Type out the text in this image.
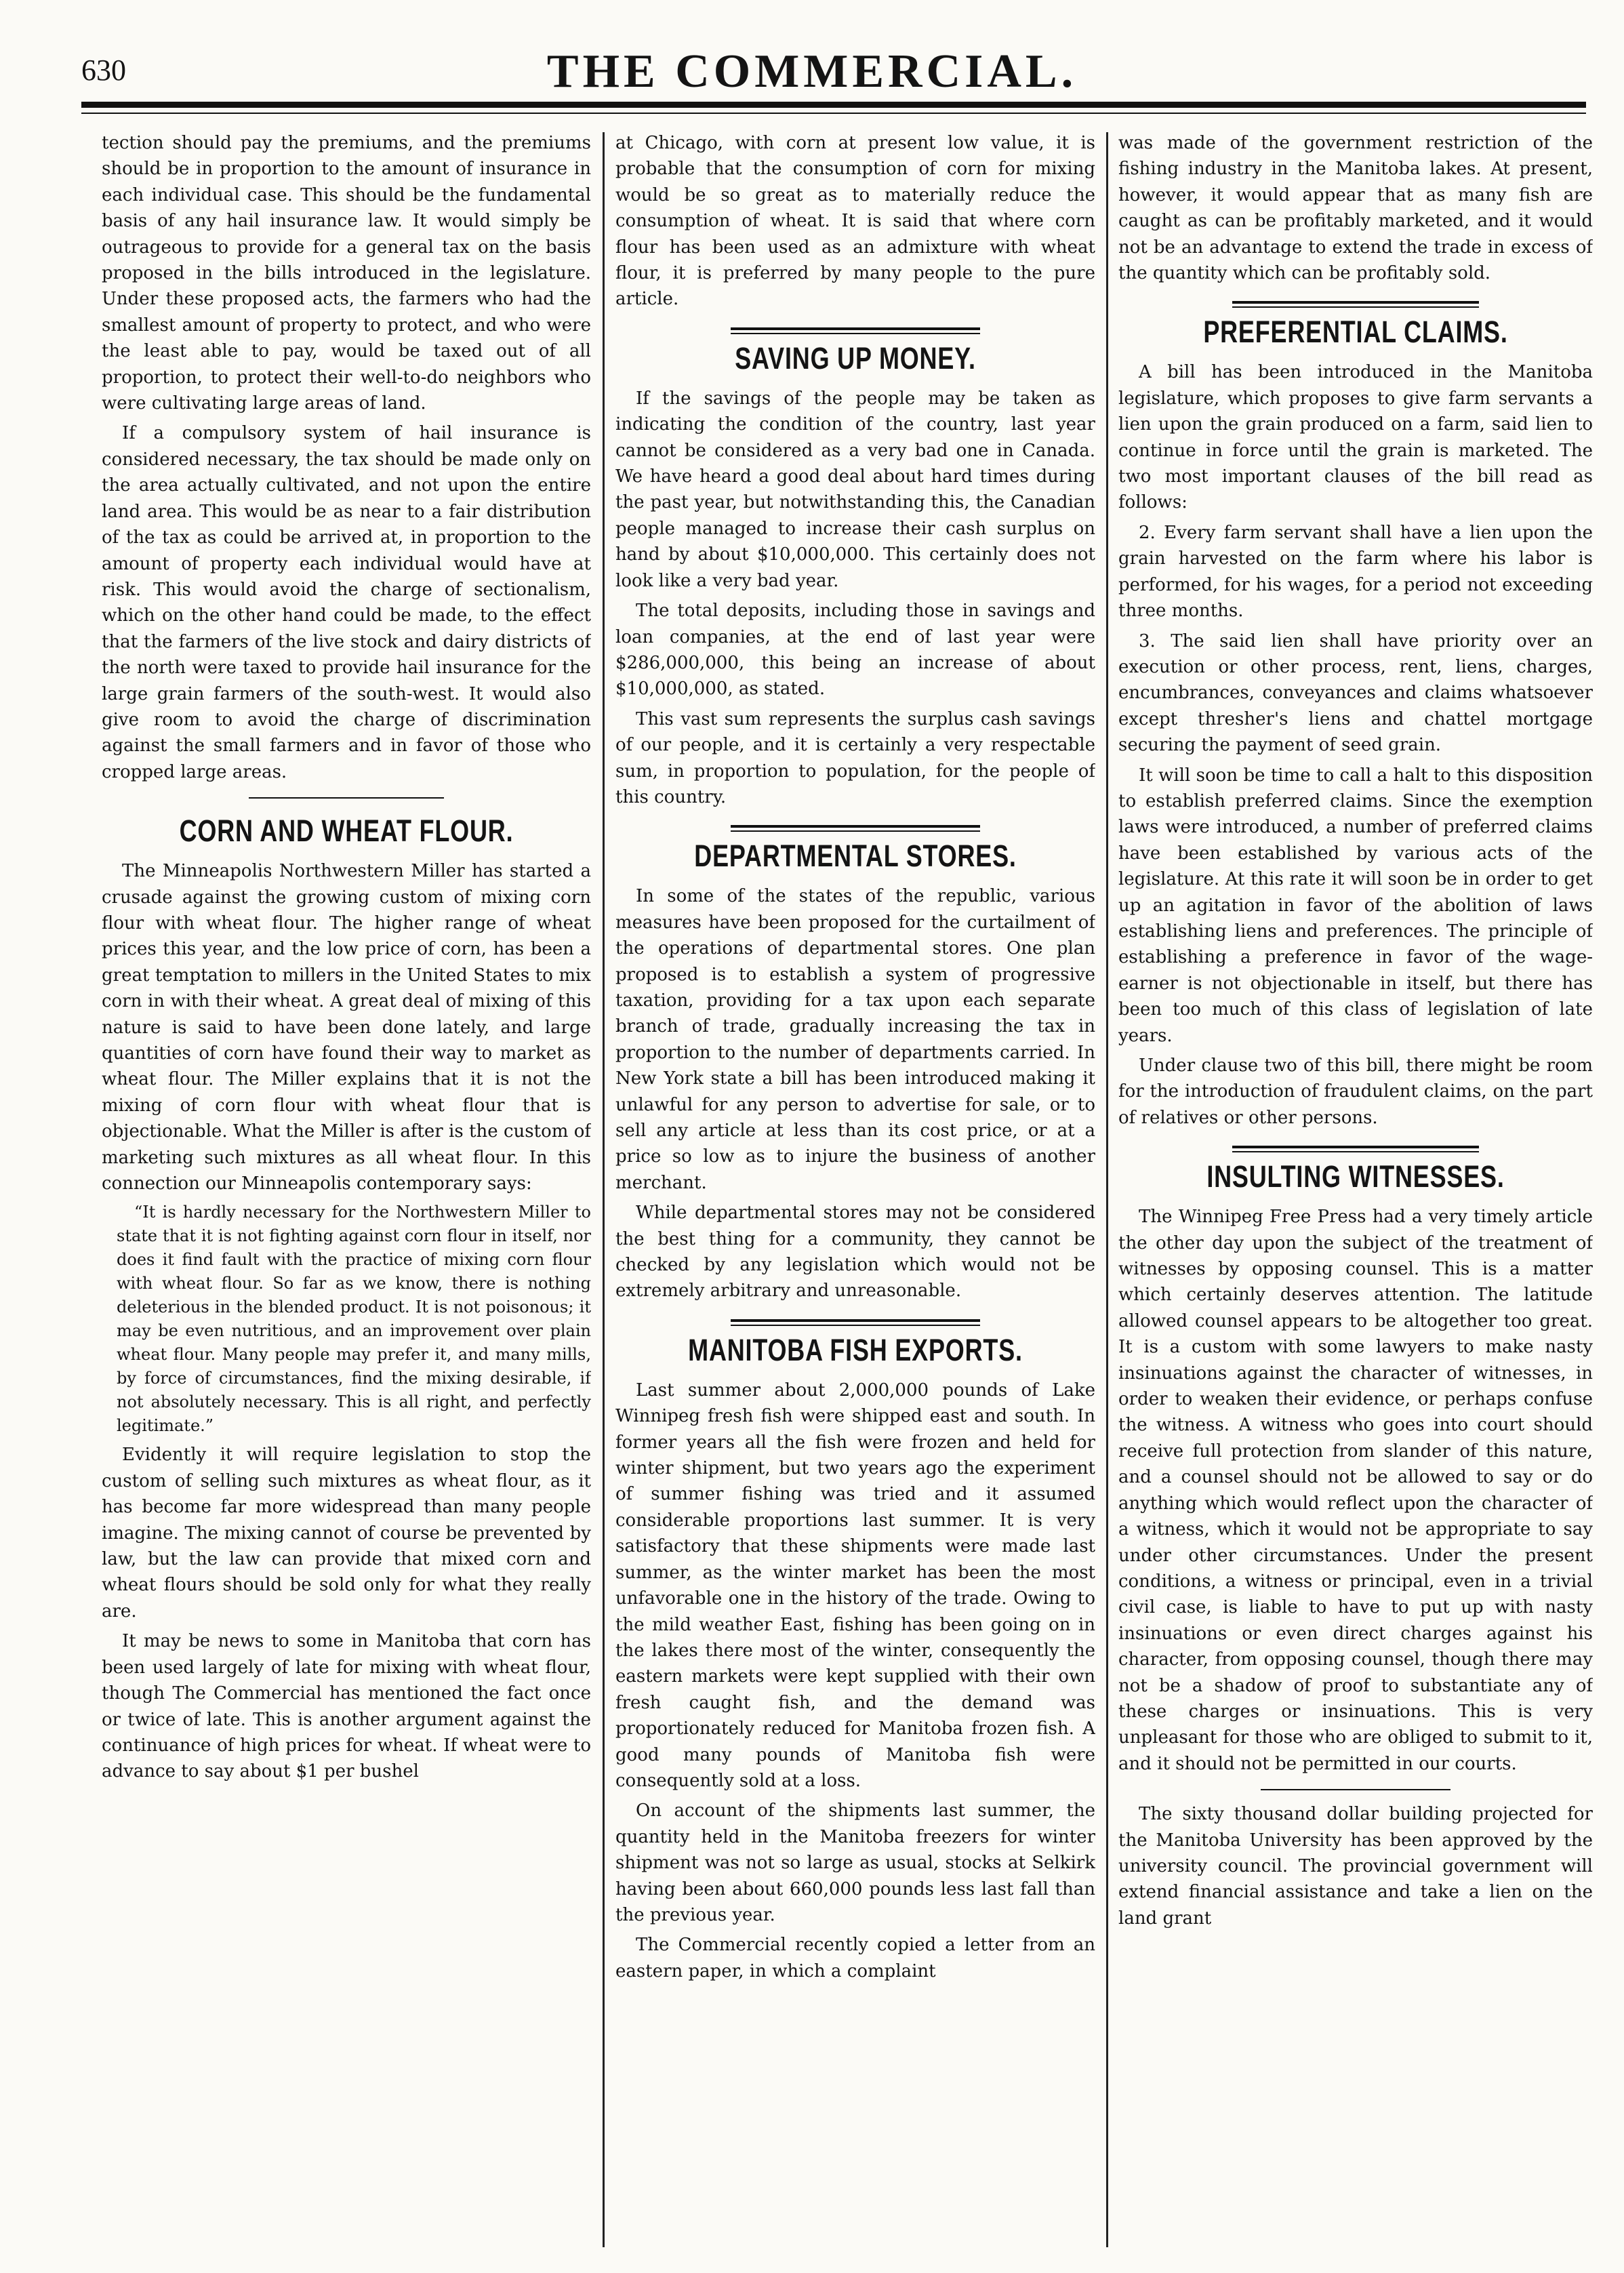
630	THE COMMERCIAL.

tection should pay the premiums, and the premiums should be in proportion to the amount of insurance in each individual case. This should be the fundamental basis of any hail insurance law. It would simply be outrageous to provide for a general tax on the basis proposed in the bills introduced in the legislature. Under these proposed acts, the farmers who had the smallest amount of property to protect, and who were the least able to pay, would be taxed out of all proportion, to protect their well-to-do neighbors who were cultivating large areas of land.

If a compulsory system of hail insurance is considered necessary, the tax should be made only on the area actually cultivated, and not upon the entire land area. This would be as near to a fair distribution of the tax as could be arrived at, in proportion to the amount of property each individual would have at risk. This would avoid the charge of sectionalism, which on the other hand could be made, to the effect that the farmers of the live stock and dairy districts of the north were taxed to provide hail insurance for the large grain farmers of the south-west. It would also give room to avoid the charge of discrimination against the small farmers and in favor of those who cropped large areas.

CORN AND WHEAT FLOUR.

The Minneapolis Northwestern Miller has started a crusade against the growing custom of mixing corn flour with wheat flour. The higher range of wheat prices this year, and the low price of corn, has been a great temptation to millers in the United States to mix corn in with their wheat. A great deal of mixing of this nature is said to have been done lately, and large quantities of corn have found their way to market as wheat flour. The Miller explains that it is not the mixing of corn flour with wheat flour that is objectionable. What the Miller is after is the custom of marketing such mixtures as all wheat flour. In this connection our Minneapolis contemporary says:

“It is hardly necessary for the Northwestern Miller to state that it is not fighting against corn flour in itself, nor does it find fault with the practice of mixing corn flour with wheat flour. So far as we know, there is nothing deleterious in the blended product. It is not poisonous; it may be even nutritious, and an improvement over plain wheat flour. Many people may prefer it, and many mills, by force of circumstances, find the mixing desirable, if not absolutely necessary. This is all right, and perfectly legitimate.”

Evidently it will require legislation to stop the custom of selling such mixtures as wheat flour, as it has become far more widespread than many people imagine. The mixing cannot of course be prevented by law, but the law can provide that mixed corn and wheat flours should be sold only for what they really are.

It may be news to some in Manitoba that corn has been used largely of late for mixing with wheat flour, though The Commercial has mentioned the fact once or twice of late. This is another argument against the continuance of high prices for wheat. If wheat were to advance to say about $1 per bushel

at Chicago, with corn at present low value, it is probable that the consumption of corn for mixing would be so great as to materially reduce the consumption of wheat. It is said that where corn flour has been used as an admixture with wheat flour, it is preferred by many people to the pure article.

SAVING UP MONEY.

If the savings of the people may be taken as indicating the condition of the country, last year cannot be considered as a very bad one in Canada. We have heard a good deal about hard times during the past year, but notwithstanding this, the Canadian people managed to increase their cash surplus on hand by about $10,000,000. This certainly does not look like a very bad year.

The total deposits, including those in savings and loan companies, at the end of last year were $286,000,000, this being an increase of about $10,000,000, as stated.

This vast sum represents the surplus cash savings of our people, and it is certainly a very respectable sum, in proportion to population, for the people of this country.

DEPARTMENTAL STORES.

In some of the states of the republic, various measures have been proposed for the curtailment of the operations of departmental stores. One plan proposed is to establish a system of progressive taxation, providing for a tax upon each separate branch of trade, gradually increasing the tax in proportion to the number of departments carried. In New York state a bill has been introduced making it unlawful for any person to advertise for sale, or to sell any article at less than its cost price, or at a price so low as to injure the business of another merchant.

While departmental stores may not be considered the best thing for a community, they cannot be checked by any legislation which would not be extremely arbitrary and unreasonable.

MANITOBA FISH EXPORTS.

Last summer about 2,000,000 pounds of Lake Winnipeg fresh fish were shipped east and south. In former years all the fish were frozen and held for winter shipment, but two years ago the experiment of summer fishing was tried and it assumed considerable proportions last summer. It is very satisfactory that these shipments were made last summer, as the winter market has been the most unfavorable one in the history of the trade. Owing to the mild weather East, fishing has been going on in the lakes there most of the winter, consequently the eastern markets were kept supplied with their own fresh caught fish, and the demand was proportionately reduced for Manitoba frozen fish. A good many pounds of Manitoba fish were consequently sold at a loss.

On account of the shipments last summer, the quantity held in the Manitoba freezers for winter shipment was not so large as usual, stocks at Selkirk having been about 660,000 pounds less last fall than the previous year.

The Commercial recently copied a letter from an eastern paper, in which a complaint

was made of the government restriction of the fishing industry in the Manitoba lakes. At present, however, it would appear that as many fish are caught as can be profitably marketed, and it would not be an advantage to extend the trade in excess of the quantity which can be profitably sold.

PREFERENTIAL CLAIMS.

A bill has been introduced in the Manitoba legislature, which proposes to give farm servants a lien upon the grain produced on a farm, said lien to continue in force until the grain is marketed. The two most important clauses of the bill read as follows:

2. Every farm servant shall have a lien upon the grain harvested on the farm where his labor is performed, for his wages, for a period not exceeding three months.

3. The said lien shall have priority over an execution or other process, rent, liens, charges, encumbrances, conveyances and claims whatsoever except thresher's liens and chattel mortgage securing the payment of seed grain.

It will soon be time to call a halt to this disposition to establish preferred claims. Since the exemption laws were introduced, a number of preferred claims have been established by various acts of the legislature. At this rate it will soon be in order to get up an agitation in favor of the abolition of laws establishing liens and preferences. The principle of establishing a preference in favor of the wage-earner is not objectionable in itself, but there has been too much of this class of legislation of late years.

Under clause two of this bill, there might be room for the introduction of fraudulent claims, on the part of relatives or other persons.

INSULTING WITNESSES.

The Winnipeg Free Press had a very timely article the other day upon the subject of the treatment of witnesses by opposing counsel. This is a matter which certainly deserves attention. The latitude allowed counsel appears to be altogether too great. It is a custom with some lawyers to make nasty insinuations against the character of witnesses, in order to weaken their evidence, or perhaps confuse the witness. A witness who goes into court should receive full protection from slander of this nature, and a counsel should not be allowed to say or do anything which would reflect upon the character of a witness, which it would not be appropriate to say under other circumstances. Under the present conditions, a witness or principal, even in a trivial civil case, is liable to have to put up with nasty insinuations or even direct charges against his character, from opposing counsel, though there may not be a shadow of proof to substantiate any of these charges or insinuations. This is very unpleasant for those who are obliged to submit to it, and it should not be permitted in our courts.

The sixty thousand dollar building projected for the Manitoba University has been approved by the university council. The provincial government will extend financial assistance and take a lien on the land grant
